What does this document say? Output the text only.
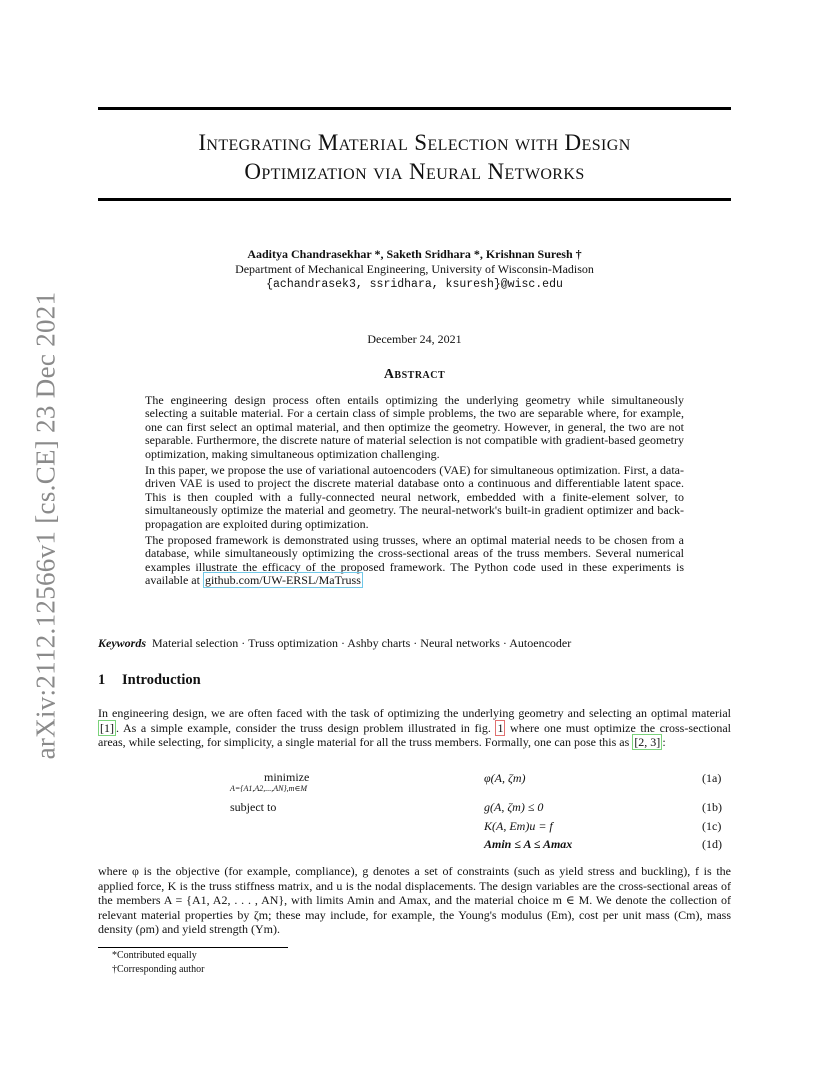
arXiv:2112.12566v1 [cs.CE] 23 Dec 2021
Integrating Material Selection with Design
Optimization via Neural Networks
Aaditya Chandrasekhar *, Saketh Sridhara *, Krishnan Suresh †
Department of Mechanical Engineering, University of Wisconsin-Madison
{achandrasek3, ssridhara, ksuresh}@wisc.edu
December 24, 2021
Abstract

The engineering design process often entails optimizing the underlying geometry while simultaneously selecting a suitable material. For a certain class of simple problems, the two are separable where, for example, one can first select an optimal material, and then optimize the geometry. However, in general, the two are not separable. Furthermore, the discrete nature of material selection is not compatible with gradient-based geometry optimization, making simultaneous optimization challenging.

In this paper, we propose the use of variational autoencoders (VAE) for simultaneous optimization. First, a data-driven VAE is used to project the discrete material database onto a continuous and differentiable latent space. This is then coupled with a fully-connected neural network, embedded with a finite-element solver, to simultaneously optimize the material and geometry. The neural-network's built-in gradient optimizer and back-propagation are exploited during optimization.

The proposed framework is demonstrated using trusses, where an optimal material needs to be chosen from a database, while simultaneously optimizing the cross-sectional areas of the truss members. Several numerical examples illustrate the efficacy of the proposed framework. The Python code used in these experiments is available at github.com/UW-ERSL/MaTruss

Keywords Material selection · Truss optimization · Ashby charts · Neural networks · Autoencoder
1 Introduction

In engineering design, we are often faced with the task of optimizing the underlying geometry and selecting an optimal material [1] . As a simple example, consider the truss design problem illustrated in fig. 1 where one must optimize the cross-sectional areas, while selecting, for simplicity, a single material for all the truss members. Formally, one can pose this as [2, 3] :

minimize
A={A1,A2,...,AN},m∈M
subject to
φ(A, ζm)
g(A, ζm) ≤ 0
K(A, Em)u = f
Amin ≤ A ≤ Amax
(1a)
(1b)
(1c)
(1d)

where φ is the objective (for example, compliance), g denotes a set of constraints (such as yield stress and buckling), f is the applied force, K is the truss stiffness matrix, and u is the nodal displacements. The design variables are the cross-sectional areas of the members A = {A1, A2, . . . , AN}, with limits Amin and Amax, and the material choice m ∈ M. We denote the collection of relevant material properties by ζm; these may include, for example, the Young's modulus (Em), cost per unit mass (Cm), mass density (ρm) and yield strength (Ym).

*Contributed equally
†Corresponding author
